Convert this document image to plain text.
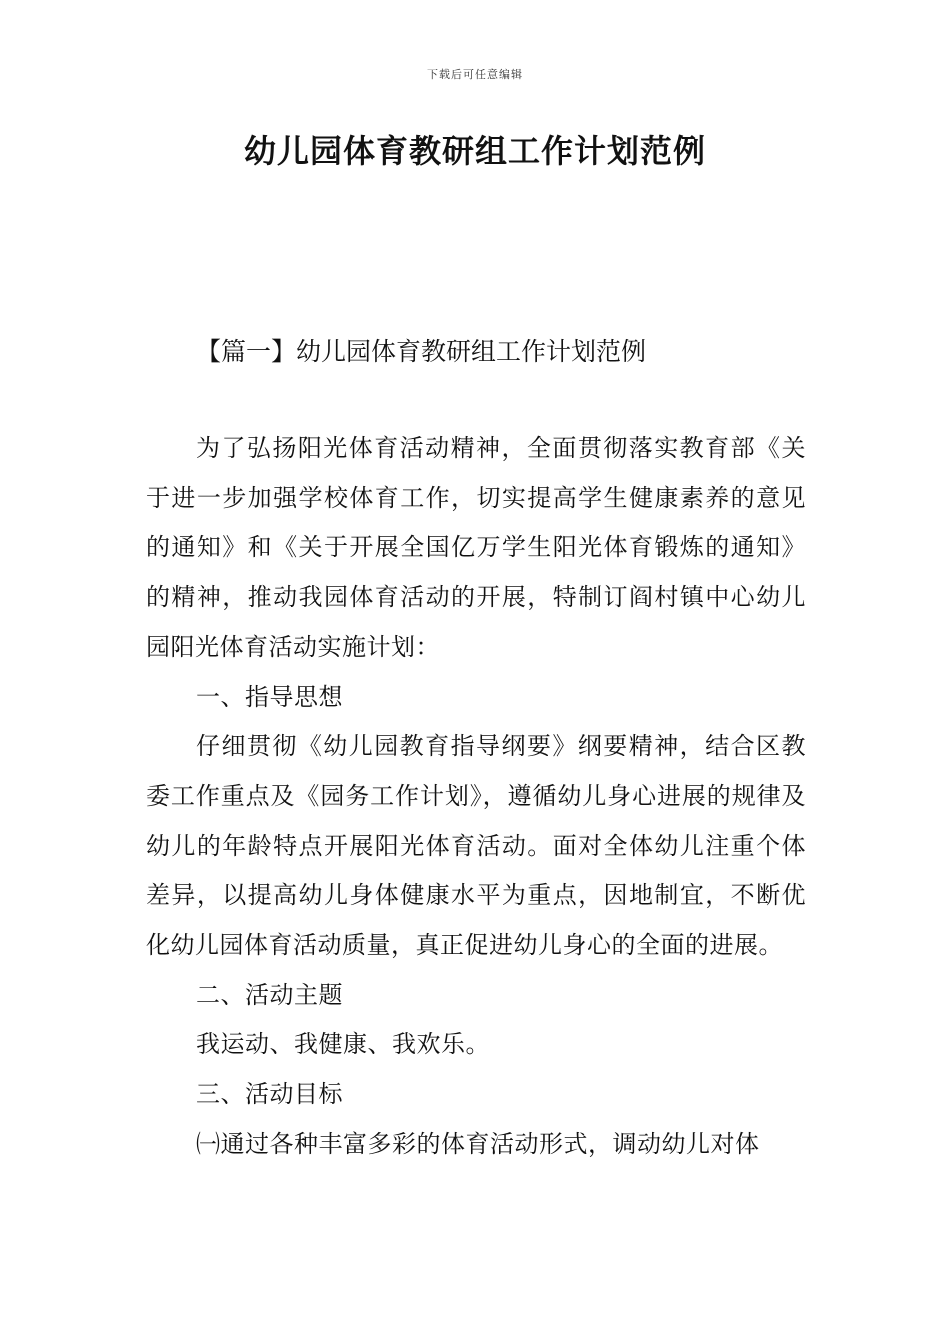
下载后可任意编辑
幼儿园体育教研组工作计划范例
【篇一】幼儿园体育教研组工作计划范例

为了弘扬阳光体育活动精神，全面贯彻落实教育部《关于进一步加强学校体育工作，切实提高学生健康素养的意见的通知》和《关于开展全国亿万学生阳光体育锻炼的通知》的精神，推动我园体育活动的开展，特制订阎村镇中心幼儿园阳光体育活动实施计划：

一、指导思想

仔细贯彻《幼儿园教育指导纲要》纲要精神，结合区教委工作重点及《园务工作计划》，遵循幼儿身心进展的规律及幼儿的年龄特点开展阳光体育活动。面对全体幼儿注重个体差异，以提高幼儿身体健康水平为重点，因地制宜，不断优化幼儿园体育活动质量，真正促进幼儿身心的全面的进展。

二、活动主题

我运动、我健康、我欢乐。

三、活动目标

㈠通过各种丰富多彩的体育活动形式，调动幼儿对体
